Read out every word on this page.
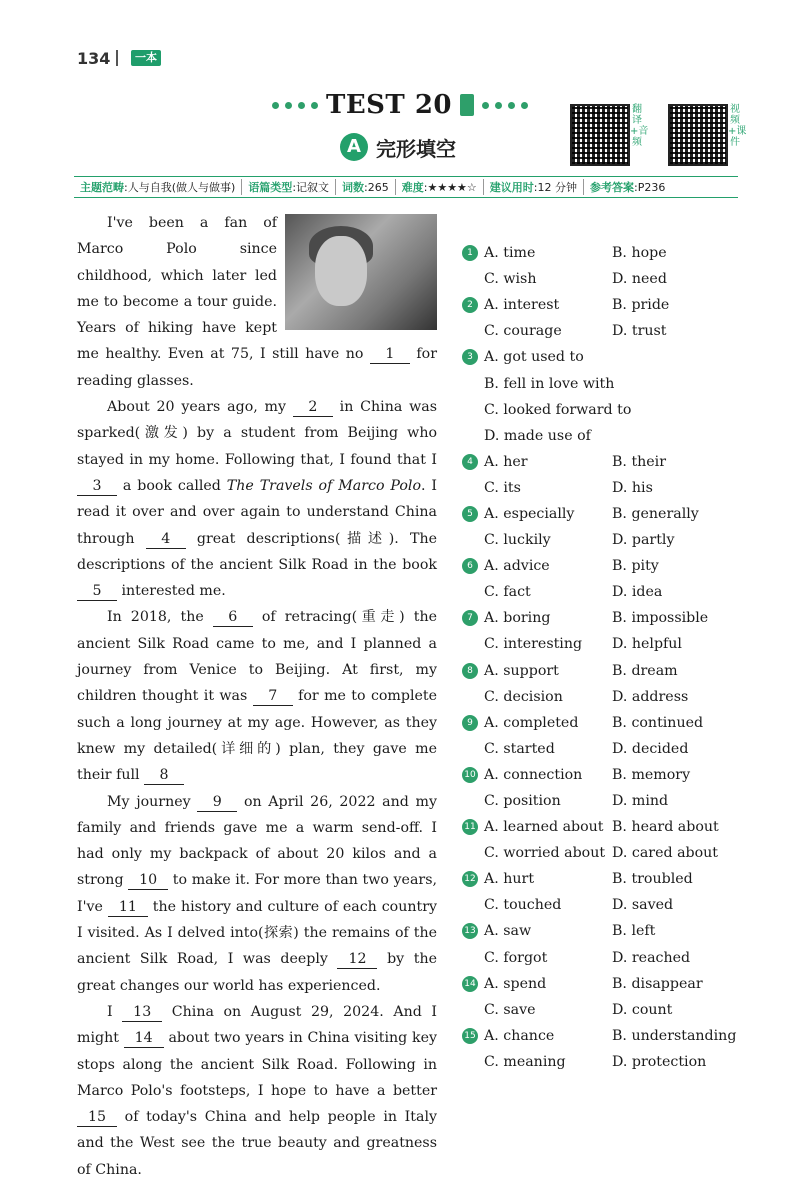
134	一本
TEST 20
A 完形填空
翻译+音频
视频+课件
主题范畴:人与自我(做人与做事)	语篇类型:记叙文	词数:265	难度:★★★★☆	建议用时:12 分钟	参考答案:P236

I've been a fan of Marco Polo since childhood, which later led me to become a tour guide. Years of hiking have kept me healthy. Even at 75, I still have no 1 for reading glasses.

About 20 years ago, my 2 in China was sparked(激发) by a student from Beijing who stayed in my home. Following that, I found that I 3 a book called The Travels of Marco Polo. I read it over and over again to understand China through 4 great descriptions(描述). The descriptions of the ancient Silk Road in the book 5 interested me.

In 2018, the 6 of retracing(重走) the ancient Silk Road came to me, and I planned a journey from Venice to Beijing. At first, my children thought it was 7 for me to complete such a long journey at my age. However, as they knew my detailed(详细的) plan, they gave me their full 8

My journey 9 on April 26, 2022 and my family and friends gave me a warm send-off. I had only my backpack of about 20 kilos and a strong 10 to make it. For more than two years, I've 11 the history and culture of each country I visited. As I delved into(探索) the remains of the ancient Silk Road, I was deeply 12 by the great changes our world has experienced.

I 13 China on August 29, 2024. And I might 14 about two years in China visiting key stops along the ancient Silk Road. Following in Marco Polo's footsteps, I hope to have a better 15 of today's China and help people in Italy and the West see the true beauty and greatness of China.

1 A. time	B. hope
C. wish	D. need
2 A. interest	B. pride
C. courage	D. trust
3 A. got used to
B. fell in love with
C. looked forward to
D. made use of
4 A. her	B. their
C. its	D. his
5 A. especially	B. generally
C. luckily	D. partly
6 A. advice	B. pity
C. fact	D. idea
7 A. boring	B. impossible
C. interesting	D. helpful
8 A. support	B. dream
C. decision	D. address
9 A. completed	B. continued
C. started	D. decided
10 A. connection	B. memory
C. position	D. mind
11 A. learned about B. heard about
C. worried about D. cared about
12 A. hurt	B. troubled
C. touched	D. saved
13 A. saw	B. left
C. forgot	D. reached
14 A. spend	B. disappear
C. save	D. count
15 A. chance	B. understanding
C. meaning	D. protection
